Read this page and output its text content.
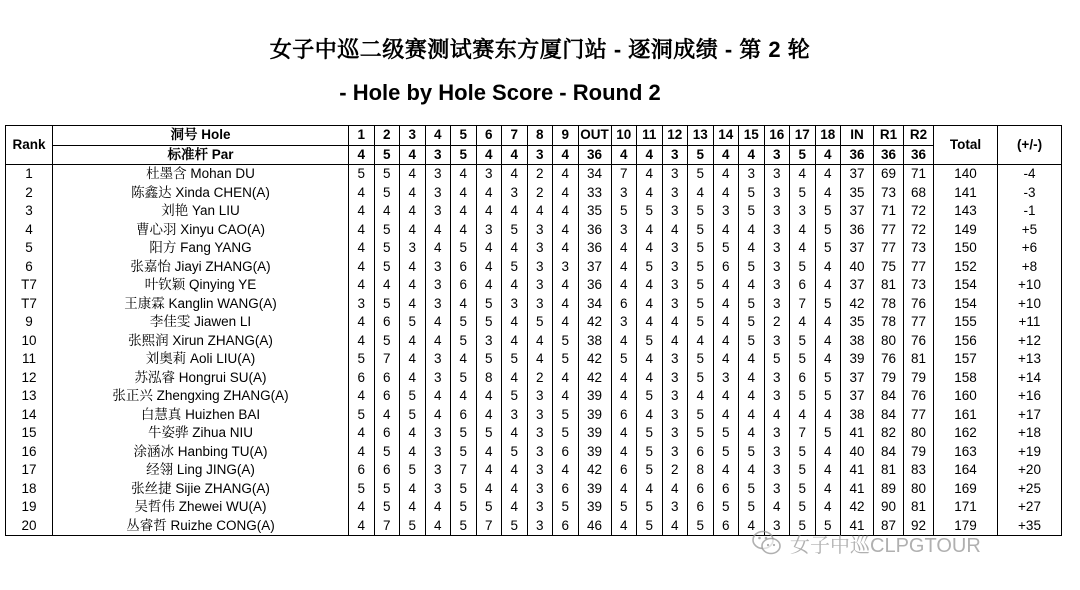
女子中巡二级赛测试赛东方厦门站 - 逐洞成绩 - 第 2 轮
- Hole by Hole Score - Round 2
Rank	洞号 Hole	1	2	3	4	5	6	7	8	9	OUT	10	11	12	13	14	15	16	17	18	IN	R1	R2	Total	(+/-)
	标准杆 Par	4	5	4	3	5	4	4	3	4	36	4	4	3	5	4	4	3	5	4	36	36	36		
1	杜墨含 Mohan DU	5	5	4	3	4	3	4	2	4	34	7	4	3	5	4	3	3	4	4	37	69	71	140	-4
2	陈鑫达 Xinda CHEN(A)	4	5	4	3	4	4	3	2	4	33	3	4	3	4	4	5	3	5	4	35	73	68	141	-3
3	刘艳 Yan LIU	4	4	4	3	4	4	4	4	4	35	5	5	3	5	3	5	3	3	5	37	71	72	143	-1
4	曹心羽 Xinyu CAO(A)	4	5	4	4	4	3	5	3	4	36	3	4	4	5	4	4	3	4	5	36	77	72	149	+5
5	阳方 Fang YANG	4	5	3	4	5	4	4	3	4	36	4	4	3	5	5	4	3	4	5	37	77	73	150	+6
6	张嘉怡 Jiayi ZHANG(A)	4	5	4	3	6	4	5	3	3	37	4	5	3	5	6	5	3	5	4	40	75	77	152	+8
T7	叶钦颖 Qinying YE	4	4	4	3	6	4	4	3	4	36	4	4	3	5	4	4	3	6	4	37	81	73	154	+10
T7	王康霖 Kanglin WANG(A)	3	5	4	3	4	5	3	3	4	34	6	4	3	5	4	5	3	7	5	42	78	76	154	+10
9	李佳雯 Jiawen LI	4	6	5	4	5	5	4	5	4	42	3	4	4	5	4	5	2	4	4	35	78	77	155	+11
10	张熙润 Xirun ZHANG(A)	4	5	4	4	5	3	4	4	5	38	4	5	4	4	4	5	3	5	4	38	80	76	156	+12
11	刘奥莉 Aoli LIU(A)	5	7	4	3	4	5	5	4	5	42	5	4	3	5	4	4	5	5	4	39	76	81	157	+13
12	苏泓睿 Hongrui SU(A)	6	6	4	3	5	8	4	2	4	42	4	4	3	5	3	4	3	6	5	37	79	79	158	+14
13	张正兴 Zhengxing ZHANG(A)	4	6	5	4	4	4	5	3	4	39	4	5	3	4	4	4	3	5	5	37	84	76	160	+16
14	白慧真 Huizhen BAI	5	4	5	4	6	4	3	3	5	39	6	4	3	5	4	4	4	4	4	38	84	77	161	+17
15	牛姿骅 Zihua NIU	4	6	4	3	5	5	4	3	5	39	4	5	3	5	5	4	3	7	5	41	82	80	162	+18
16	涂涵冰 Hanbing TU(A)	4	5	4	3	5	4	5	3	6	39	4	5	3	6	5	5	3	5	4	40	84	79	163	+19
17	经翎 Ling JING(A)	6	6	5	3	7	4	4	3	4	42	6	5	2	8	4	4	3	5	4	41	81	83	164	+20
18	张丝捷 Sijie ZHANG(A)	5	5	4	3	5	4	4	3	6	39	4	4	4	6	6	5	3	5	4	41	89	80	169	+25
19	吴哲伟 Zhewei WU(A)	4	5	4	4	5	5	4	3	5	39	5	5	3	6	5	5	4	5	4	42	90	81	171	+27
20	丛睿哲 Ruizhe CONG(A)	4	7	5	4	5	7	5	3	6	46	4	5	4	5	6	4	3	5	5	41	87	92	179	+35
女子中巡CLPGTOUR
